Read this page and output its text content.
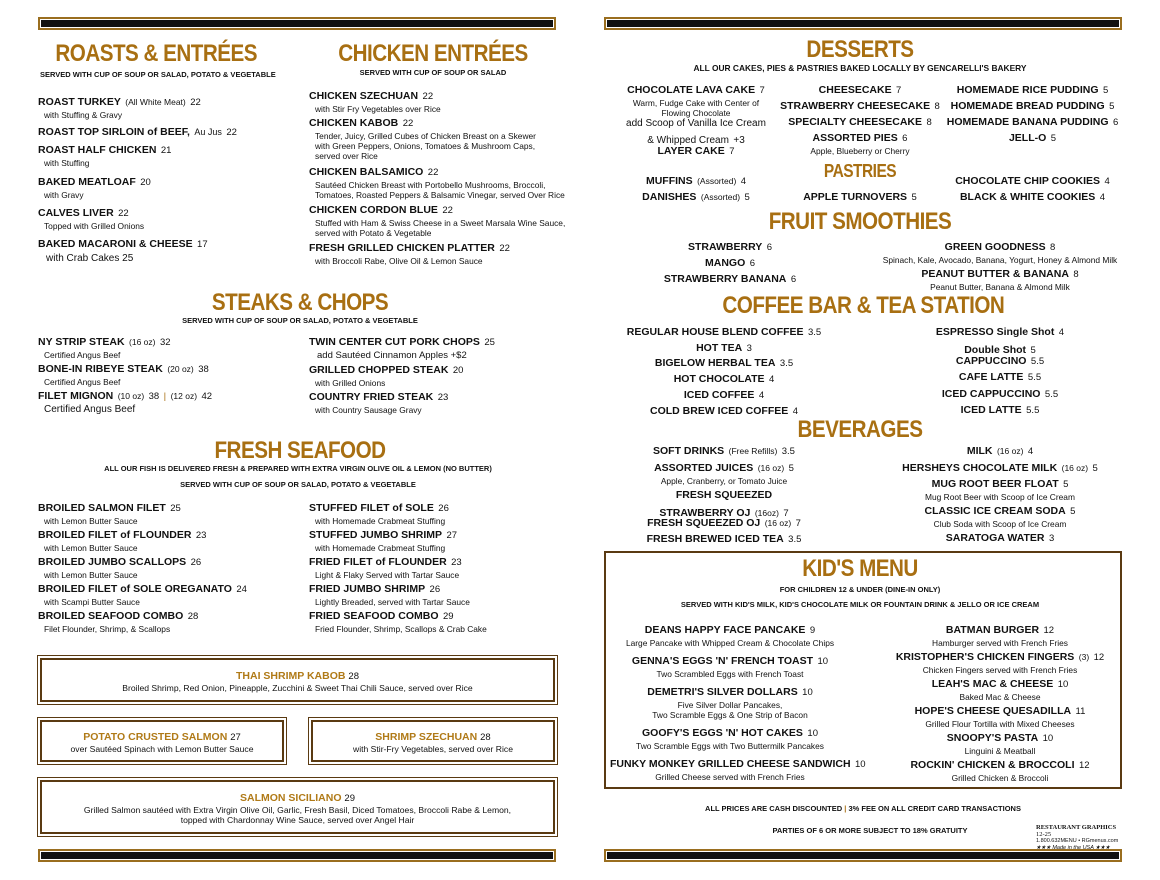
ROASTS & ENTRÉES
SERVED WITH CUP OF SOUP OR SALAD, POTATO & VEGETABLE
ROAST TURKEY (All White Meat) 22
with Stuffing & Gravy
ROAST TOP SIRLOIN of BEEF, Au Jus 22
ROAST HALF CHICKEN 21
with Stuffing
BAKED MEATLOAF 20
with Gravy
CALVES LIVER 22
Topped with Grilled Onions
BAKED MACARONI & CHEESE 17
with Crab Cakes 25
CHICKEN ENTRÉES
SERVED WITH CUP OF SOUP OR SALAD
CHICKEN SZECHUAN 22
with Stir Fry Vegetables over Rice
CHICKEN KABOB 22
Tender, Juicy, Grilled Cubes of Chicken Breast on a Skewer
with Green Peppers, Onions, Tomatoes & Mushroom Caps,
served over Rice
CHICKEN BALSAMICO 22
Sautéed Chicken Breast with Portobello Mushrooms, Broccoli,
Tomatoes, Roasted Peppers & Balsamic Vinegar, served Over Rice
CHICKEN CORDON BLUE 22
Stuffed with Ham & Swiss Cheese in a Sweet Marsala Wine Sauce,
served with Potato & Vegetable
FRESH GRILLED CHICKEN PLATTER 22
with Broccoli Rabe, Olive Oil & Lemon Sauce
STEAKS & CHOPS
SERVED WITH CUP OF SOUP OR SALAD, POTATO & VEGETABLE
NY STRIP STEAK (16 oz) 32
Certified Angus Beef
BONE-IN RIBEYE STEAK (20 oz) 38
Certified Angus Beef
FILET MIGNON (10 oz) 38 | (12 oz) 42
Certified Angus Beef
TWIN CENTER CUT PORK CHOPS 25
add Sautéed Cinnamon Apples +$2
GRILLED CHOPPED STEAK 20
with Grilled Onions
COUNTRY FRIED STEAK 23
with Country Sausage Gravy
FRESH SEAFOOD
ALL OUR FISH IS DELIVERED FRESH & PREPARED WITH EXTRA VIRGIN OLIVE OIL & LEMON (NO BUTTER)
SERVED WITH CUP OF SOUP OR SALAD, POTATO & VEGETABLE
BROILED SALMON FILET 25
with Lemon Butter Sauce
BROILED FILET of FLOUNDER 23
with Lemon Butter Sauce
BROILED JUMBO SCALLOPS 26
with Lemon Butter Sauce
BROILED FILET of SOLE OREGANATO 24
with Scampi Butter Sauce
BROILED SEAFOOD COMBO 28
Filet Flounder, Shrimp, & Scallops
STUFFED FILET of SOLE 26
with Homemade Crabmeat Stuffing
STUFFED JUMBO SHRIMP 27
with Homemade Crabmeat Stuffing
FRIED FILET of FLOUNDER 23
Light & Flaky Served with Tartar Sauce
FRIED JUMBO SHRIMP 26
Lightly Breaded, served with Tartar Sauce
FRIED SEAFOOD COMBO 29
Fried Flounder, Shrimp, Scallops & Crab Cake
THAI SHRIMP KABOB 28
Broiled Shrimp, Red Onion, Pineapple, Zucchini & Sweet Thai Chili Sauce, served over Rice
POTATO CRUSTED SALMON 27
over Sautéed Spinach with Lemon Butter Sauce
SHRIMP SZECHUAN 28
with Stir-Fry Vegetables, served over Rice
SALMON SICILIANO 29
Grilled Salmon sautéed with Extra Virgin Olive Oil, Garlic, Fresh Basil, Diced Tomatoes, Broccoli Rabe & Lemon,
topped with Chardonnay Wine Sauce, served over Angel Hair
DESSERTS
ALL OUR CAKES, PIES & PASTRIES BAKED LOCALLY BY GENCARELLI'S BAKERY
CHOCOLATE LAVA CAKE 7
Warm, Fudge Cake with Center of
Flowing Chocolate
add Scoop of Vanilla Ice Cream
& Whipped Cream +3
LAYER CAKE 7
CHEESECAKE 7
STRAWBERRY CHEESECAKE 8
SPECIALTY CHEESECAKE 8
ASSORTED PIES 6
Apple, Blueberry or Cherry
HOMEMADE RICE PUDDING 5
HOMEMADE BREAD PUDDING 5
HOMEMADE BANANA PUDDING 6
JELL-O 5
PASTRIES
MUFFINS (Assorted) 4
DANISHES (Assorted) 5	APPLE TURNOVERS 5
CHOCOLATE CHIP COOKIES 4
BLACK & WHITE COOKIES 4
FRUIT SMOOTHIES
STRAWBERRY 6
MANGO 6
STRAWBERRY BANANA 6
GREEN GOODNESS 8
Spinach, Kale, Avocado, Banana, Yogurt, Honey & Almond Milk
PEANUT BUTTER & BANANA 8
Peanut Butter, Banana & Almond Milk
COFFEE BAR & TEA STATION
REGULAR HOUSE BLEND COFFEE 3.5
HOT TEA 3
BIGELOW HERBAL TEA 3.5
HOT CHOCOLATE 4
ICED COFFEE 4
COLD BREW ICED COFFEE 4
ESPRESSO Single Shot 4
Double Shot 5
CAPPUCCINO 5.5
CAFE LATTE 5.5
ICED CAPPUCCINO 5.5
ICED LATTE 5.5
BEVERAGES
SOFT DRINKS (Free Refills) 3.5
ASSORTED JUICES (16 oz) 5
Apple, Cranberry, or Tomato Juice
FRESH SQUEEZED
STRAWBERRY OJ (16oz) 7
FRESH SQUEEZED OJ (16 oz) 7
FRESH BREWED ICED TEA 3.5
MILK (16 oz) 4
HERSHEYS CHOCOLATE MILK (16 oz) 5
MUG ROOT BEER FLOAT 5
Mug Root Beer with Scoop of Ice Cream
CLASSIC ICE CREAM SODA 5
Club Soda with Scoop of Ice Cream
SARATOGA WATER 3
KID'S MENU
FOR CHILDREN 12 & UNDER (DINE-IN ONLY)
SERVED WITH KID'S MILK, KID'S CHOCOLATE MILK OR FOUNTAIN DRINK & JELLO OR ICE CREAM
DEANS HAPPY FACE PANCAKE 9
Large Pancake with Whipped Cream & Chocolate Chips
GENNA'S EGGS 'N' FRENCH TOAST 10
Two Scrambled Eggs with French Toast
DEMETRI'S SILVER DOLLARS 10
Five Silver Dollar Pancakes,
Two Scramble Eggs & One Strip of Bacon
GOOFY'S EGGS 'N' HOT CAKES 10
Two Scramble Eggs with Two Buttermilk Pancakes
FUNKY MONKEY GRILLED CHEESE SANDWICH 10
Grilled Cheese served with French Fries
BATMAN BURGER 12
Hamburger served with French Fries
KRISTOPHER'S CHICKEN FINGERS (3) 12
Chicken Fingers served with French Fries
LEAH'S MAC & CHEESE 10
Baked Mac & Cheese
HOPE'S CHEESE QUESADILLA 11
Grilled Flour Tortilla with Mixed Cheeses
SNOOPY'S PASTA 10
Linguini & Meatball
ROCKIN' CHICKEN & BROCCOLI 12
Grilled Chicken & Broccoli
ALL PRICES ARE CASH DISCOUNTED | 3% FEE ON ALL CREDIT CARD TRANSACTIONS
PARTIES OF 6 OR MORE SUBJECT TO 18% GRATUITY	RESTAURANT GRAPHICS 12-25
1.800.632MENU • RGmenus.com
★★★ Made in the USA ★★★
